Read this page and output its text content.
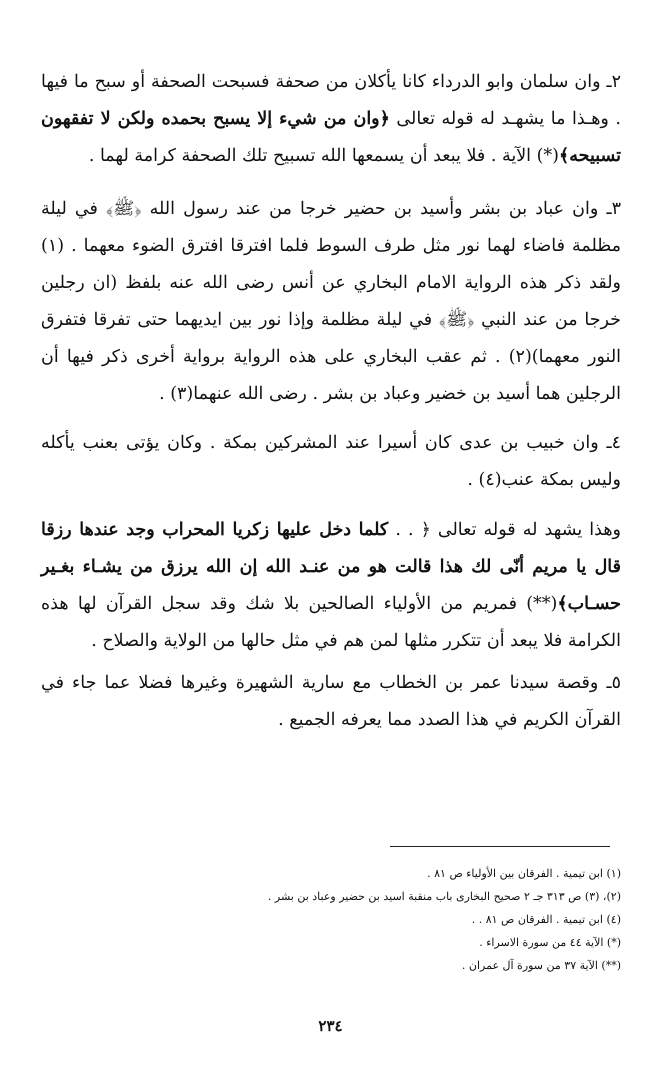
٢ـ وان سلمان وابو الدرداء كانا يأكلان من صحفة فسبحت الصحفة أو سبح ما فيها . وهـذا ما يشهـد له قوله تعالى ﴿وان من شيء إلا يسبح بحمده ولكن لا تفقهون تسبيحه﴾(*) الآية . فلا يبعد أن يسمعها الله تسبيح تلك الصحفة كرامة لهما .
٣ـ وان عباد بن بشر وأسيد بن حضير خرجا من عند رسول الله ﴿ﷺ﴾ في ليلة مظلمة فاضاء لهما نور مثل طرف السوط فلما افترقا افترق الضوء معهما . (١) ولقد ذكر هذه الرواية الامام البخاري عن أنس رضى الله عنه بلفظ (ان رجلين خرجا من عند النبي ﴿ﷺ﴾ في ليلة مظلمة وإذا نور بين ايديهما حتى تفرقا فتفرق النور معهما)(٢) . ثم عقب البخاري على هذه الرواية برواية أخرى ذكر فيها أن الرجلين هما أسيد بن خضير وعباد بن بشر . رضى الله عنهما(٣) .
٤ـ وان خبيب بن عدى كان أسيرا عند المشركين بمكة . وكان يؤتى بعنب يأكله وليس بمكة عنب(٤) .
وهذا يشهد له قوله تعالى ﴿ . . كلما دخل عليها زكريا المحراب وجد عندها رزقا قال يا مريم أنّى لك هذا قالت هو من عنـد الله إن الله يرزق من يشـاء بغـير حسـاب﴾(**) فمريم من الأولياء الصالحين بلا شك وقد سجل القرآن لها هذه الكرامة فلا يبعد أن تتكرر مثلها لمن هم في مثل حالها من الولاية والصلاح .
٥ـ وقصة سيدنا عمر بن الخطاب مع سارية الشهيرة وغيرها فضلا عما جاء في القرآن الكريم في هذا الصدد مما يعرفه الجميع .
(١) ابن تيمية . الفرقان بين الأولياء ص ٨١ .
(٢)، (٣) ص ٣١٣ جـ ٢ صحيح البخارى باب منقبة اسيد بن حضير وعباد بن بشر .
(٤) ابن تيمية . الفرقان ص ٨١ . .
(*) الآية ٤٤ من سورة الاسراء .
(**) الآية ٣٧ من سورة آل عمران .
٢٣٤
